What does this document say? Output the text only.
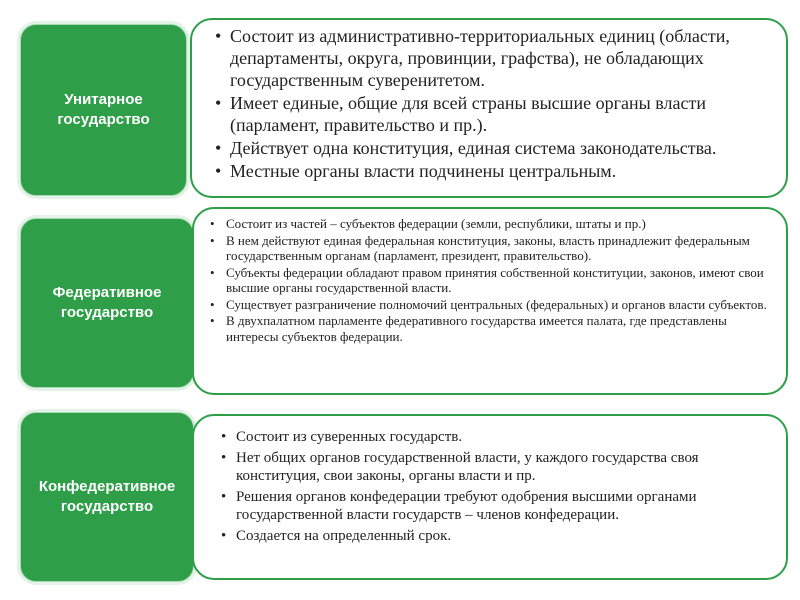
Унитарное государство
• Состоит из административно-территориальных единиц (области, департаменты, округа, провинции, графства), не обладающих государственным суверенитетом.
• Имеет единые, общие для всей страны высшие органы власти (парламент, правительство и пр.).
• Действует одна конституция, единая система законодательства.
• Местные органы власти подчинены центральным.
Федеративное государство
• Состоит из частей – субъектов федерации (земли, республики, штаты и пр.)
• В нем действуют единая федеральная конституция, законы, власть принадлежит федеральным государственным органам (парламент, президент, правительство).
• Субъекты федерации обладают правом принятия собственной конституции, законов, имеют свои высшие органы государственной власти.
• Существует разграничение полномочий центральных (федеральных) и органов власти субъектов.
• В двухпалатном парламенте федеративного государства имеется палата, где представлены интересы субъектов федерации.
Конфедеративное государство
• Состоит из суверенных государств.
• Нет общих органов государственной власти, у каждого государства своя конституция, свои законы, органы власти и пр.
• Решения органов конфедерации требуют одобрения высшими органами государственной власти государств – членов конфедерации.
• Создается на определенный срок.
